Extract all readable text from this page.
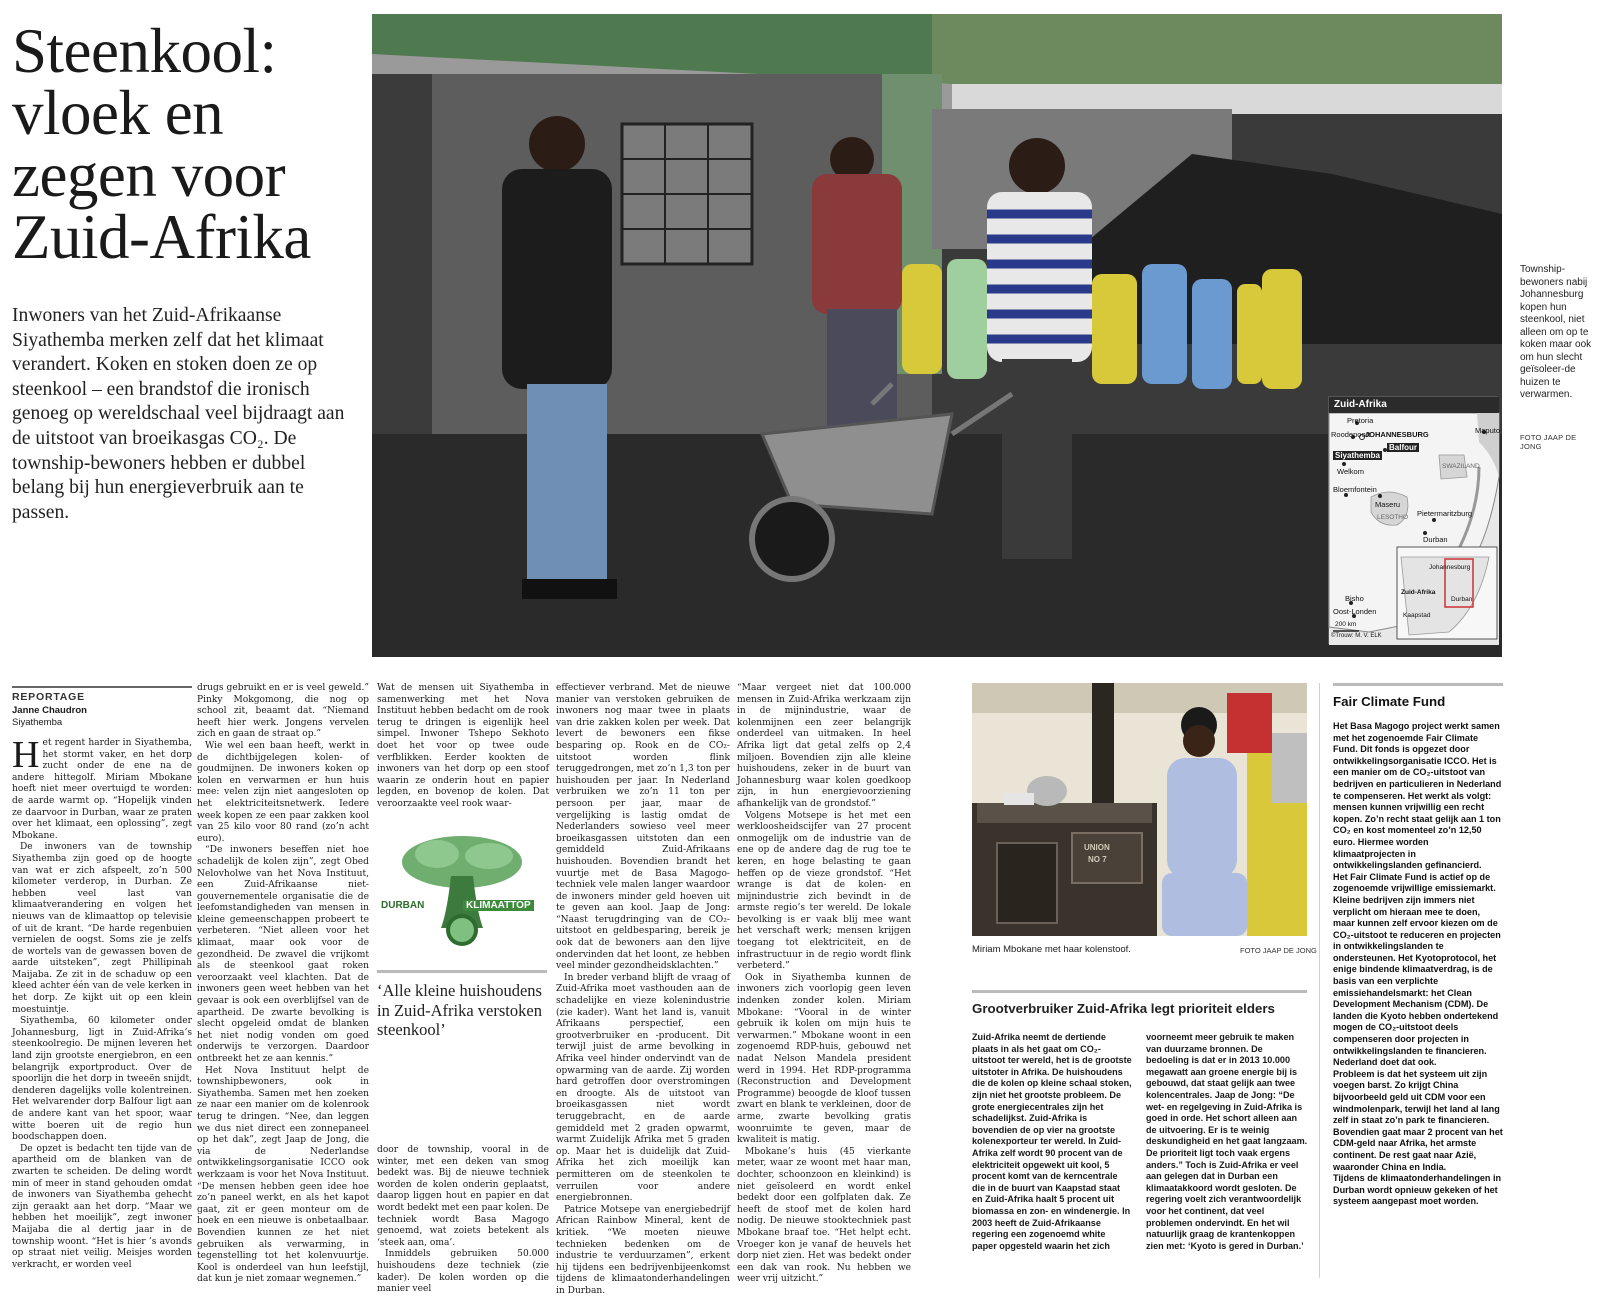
Steenkool: vloek en zegen voor Zuid-Afrika

Inwoners van het Zuid-Afrikaanse Siyathemba merken zelf dat het klimaat verandert. Koken en stoken doen ze op steenkool – een brandstof die ironisch genoeg op wereldschaal veel bijdraagt aan de uitstoot van broeikasgas CO₂. De township-bewoners hebben er dubbel belang bij hun energieverbruik aan te passen.

Zuid-Afrika
Pretoria
Roodepoort
JOHANNESBURG	Maputo
Balfour
Siyathemba
SWAZILAND
Welkom
Bloemfontein
Maseru
LESOTHO Pietermaritzburg
Durban
Bisho
Oost-Londen
200 km
©Trouw: M. V. ELK
Johannesburg
Zuid-Afrika
Durban
Kaapstad
Township-bewoners nabij Johannesburg kopen hun steenkool, niet alleen om op te koken maar ook om hun slecht geïsoleer-de huizen te verwarmen.
FOTO JAAP DE JONG
REPORTAGE
Janne Chaudron
Siyathemba

Het regent harder in Siyathemba, het stormt vaker, en het dorp zucht onder de ene na de andere hittegolf. Miriam Mbokane hoeft niet meer overtuigd te worden: de aarde warmt op. “Hopelijk vinden ze daarvoor in Durban, waar ze praten over het klimaat, een oplossing”, zegt Mbokane.

De inwoners van de township Siyathemba zijn goed op de hoogte van wat er zich afspeelt, zo’n 500 kilometer verderop, in Durban. Ze hebben veel last van klimaatverandering en volgen het nieuws van de klimaattop op televisie of uit de krant. “De harde regenbuien vernielen de oogst. Soms zie je zelfs de wortels van de gewassen boven de aarde uitsteken”, zegt Phillipinah Maijaba. Ze zit in de schaduw op een kleed achter één van de vele kerken in het dorp. Ze kijkt uit op een klein moestuintje.

Siyathemba, 60 kilometer onder Johannesburg, ligt in Zuid-Afrika’s steenkoolregio. De mijnen leveren het land zijn grootste energiebron, en een belangrijk exportproduct. Over de spoorlijn die het dorp in tweeën snijdt, denderen dagelijks volle kolentreinen. Het welvarender dorp Balfour ligt aan de andere kant van het spoor, waar witte boeren uit de regio hun boodschappen doen.

De opzet is bedacht ten tijde van de apartheid om de blanken van de zwarten te scheiden. De deling wordt min of meer in stand gehouden omdat de inwoners van Siyathemba gehecht zijn geraakt aan het dorp. “Maar we hebben het moeilijk”, zegt inwoner Maijaba die al dertig jaar in de township woont. “Het is hier ’s avonds op straat niet veilig. Meisjes worden verkracht, er worden veel

drugs gebruikt en er is veel geweld.” Pinky Mokgomong, die nog op school zit, beaamt dat. “Niemand heeft hier werk. Jongens vervelen zich en gaan de straat op.”

Wie wel een baan heeft, werkt in de dichtbijgelegen kolen- of goudmijnen. De inwoners koken op kolen en verwarmen er hun huis mee: velen zijn niet aangesloten op het elektriciteitsnetwerk. Iedere week kopen ze een paar zakken kool van 25 kilo voor 80 rand (zo’n acht euro).

“De inwoners beseffen niet hoe schadelijk de kolen zijn”, zegt Obed Nelovholwe van het Nova Instituut, een Zuid-Afrikaanse niet-gouvernementele organisatie die de leefomstandigheden van mensen in kleine gemeenschappen probeert te verbeteren. “Niet alleen voor het klimaat, maar ook voor de gezondheid. De zwavel die vrijkomt als de steenkool gaat roken veroorzaakt veel klachten. Dat de inwoners geen weet hebben van het gevaar is ook een overblijfsel van de apartheid. De zwarte bevolking is slecht opgeleid omdat de blanken het niet nodig vonden om goed onderwijs te verzorgen. Daardoor ontbreekt het ze aan kennis.”

Het Nova Instituut helpt de townshipbewoners, ook in Siyathemba. Samen met hen zoeken ze naar een manier om de kolenrook terug te dringen. “Nee, dan leggen we dus niet direct een zonnepaneel op het dak”, zegt Jaap de Jong, die via de Nederlandse ontwikkelingsorganisatie ICCO ook werkzaam is voor het Nova Instituut. “De mensen hebben geen idee hoe zo’n paneel werkt, en als het kapot gaat, zit er geen monteur om de hoek en een nieuwe is onbetaalbaar. Bovendien kunnen ze het niet gebruiken als verwarming, in tegenstelling tot het kolenvuurtje. Kool is onderdeel van hun leefstijl, dat kun je niet zomaar wegnemen.”

Wat de mensen uit Siyathemba in samenwerking met het Nova Instituut hebben bedacht om de rook terug te dringen is eigenlijk heel simpel. Inwoner Tshepo Sekhoto doet het voor op twee oude verfblikken. Eerder kookten de inwoners van het dorp op een stoof waarin ze onderin hout en papier legden, en bovenop de kolen. Dat veroorzaakte veel rook waar-

DURBAN	KLIMAATTOP
‘Alle kleine huishoudens in Zuid-Afrika verstoken steenkool’

door de township, vooral in de winter, met een deken van smog bedekt was. Bij de nieuwe techniek worden de kolen onderin geplaatst, daarop liggen hout en papier en dat wordt bedekt met een paar kolen. De techniek wordt Basa Magogo genoemd, wat zoiets betekent als ‘steek aan, oma’.

Inmiddels gebruiken 50.000 huishoudens deze techniek (zie kader). De kolen worden op die manier veel

effectiever verbrand. Met de nieuwe manier van verstoken gebruiken de inwoners nog maar twee in plaats van drie zakken kolen per week. Dat levert de bewoners een fikse besparing op. Rook en de CO₂-uitstoot worden flink teruggedrongen, met zo’n 1,3 ton per huishouden per jaar. In Nederland verbruiken we zo’n 11 ton per persoon per jaar, maar de vergelijking is lastig omdat de Nederlanders sowieso veel meer broeikasgassen uitstoten dan een gemiddeld Zuid-Afrikaans huishouden. Bovendien brandt het vuurtje met de Basa Magogo-techniek vele malen langer waardoor de inwoners minder geld hoeven uit te geven aan kool. Jaap de Jong: “Naast terugdringing van de CO₂-uitstoot en geldbesparing, bereik je ook dat de bewoners aan den lijve ondervinden dat het loont, ze hebben veel minder gezondheidsklachten.”

In breder verband blijft de vraag of Zuid-Afrika moet vasthouden aan de schadelijke en vieze kolenindustrie (zie kader). Want het land is, vanuit Afrikaans perspectief, een grootverbruiker en -producent. Dit terwijl juist de arme bevolking in Afrika veel hinder ondervindt van de opwarming van de aarde. Zij worden hard getroffen door overstromingen en droogte. Als de uitstoot van broeikasgassen niet wordt teruggebracht, en de aarde gemiddeld met 2 graden opwarmt, warmt Zuidelijk Afrika met 5 graden op. Maar het is duidelijk dat Zuid-Afrika het zich moeilijk kan permitteren om de steenkolen te verruilen voor andere energiebronnen.

Patrice Motsepe van energiebedrijf African Rainbow Mineral, kent de kritiek. “We moeten nieuwe technieken bedenken om de industrie te verduurzamen”, erkent hij tijdens een bedrijvenbijeenkomst tijdens de klimaatonderhandelingen in Durban.

“Maar vergeet niet dat 100.000 mensen in Zuid-Afrika werkzaam zijn in de mijnindustrie, waar de kolenmijnen een zeer belangrijk onderdeel van uitmaken. In heel Afrika ligt dat getal zelfs op 2,4 miljoen. Bovendien zijn alle kleine huishoudens, zeker in de buurt van Johannesburg waar kolen goedkoop zijn, in hun energievoorziening afhankelijk van de grondstof.”

Volgens Motsepe is het met een werkloosheidscijfer van 27 procent onmogelijk om de industrie van de ene op de andere dag de rug toe te keren, en hoge belasting te gaan heffen op de vieze grondstof. “Het wrange is dat de kolen- en mijnindustrie zich bevindt in de armste regio’s ter wereld. De lokale bevolking is er vaak blij mee want het verschaft werk; mensen krijgen toegang tot elektriciteit, en de infrastructuur in de regio wordt flink verbeterd.”

Ook in Siyathemba kunnen de inwoners zich voorlopig geen leven indenken zonder kolen. Miriam Mbokane: “Vooral in de winter gebruik ik kolen om mijn huis te verwarmen.” Mbokane woont in een zogenoemd RDP-huis, gebouwd net nadat Nelson Mandela president werd in 1994. Het RDP-programma (Reconstruction and Development Programme) beoogde de kloof tussen zwart en blank te verkleinen, door de arme, zwarte bevolking gratis woonruimte te geven, maar de kwaliteit is matig.

Mbokane’s huis (45 vierkante meter, waar ze woont met haar man, dochter, schoonzoon en kleinkind) is niet geïsoleerd en wordt enkel bedekt door een golfplaten dak. Ze heeft de stoof met de kolen hard nodig. De nieuwe stooktechniek past Mbokane braaf toe. “Het helpt echt. Vroeger kon je vanaf de heuvels het dorp niet zien. Het was bedekt onder een dak van rook. Nu hebben we weer vrij uitzicht.”

UNION
NO 7
Miriam Mbokane met haar kolenstoof.	FOTO JAAP DE JONG
Grootverbruiker Zuid-Afrika legt prioriteit elders
Zuid-Afrika neemt de dertiende plaats in als het gaat om CO₂-uitstoot ter wereld, het is de grootste uitstoter in Afrika. De huishoudens die de kolen op kleine schaal stoken, zijn niet het grootste probleem. De grote energiecentrales zijn het schadelijkst. Zuid-Afrika is bovendien de op vier na grootste kolenexporteur ter wereld. In Zuid-Afrika zelf wordt 90 procent van de elektriciteit opgewekt uit kool, 5 procent komt van de kerncentrale die in de buurt van Kaapstad staat en Zuid-Afrika haalt 5 procent uit biomassa en zon- en windenergie. In 2003 heeft de Zuid-Afrikaanse regering een zogenoemd white paper opgesteld waarin het zich
voorneemt meer gebruik te maken van duurzame bronnen. De bedoeling is dat er in 2013 10.000 megawatt aan groene energie bij is gebouwd, dat staat gelijk aan twee kolencentrales. Jaap de Jong: “De wet- en regelgeving in Zuid-Afrika is goed in orde. Het schort alleen aan de uitvoering. Er is te weinig deskundigheid en het gaat langzaam. De prioriteit ligt toch vaak ergens anders.” Toch is Zuid-Afrika er veel aan gelegen dat in Durban een klimaatakkoord wordt gesloten. De regering voelt zich verantwoordelijk voor het continent, dat veel problemen ondervindt. En het wil natuurlijk graag de krantenkoppen zien met: ‘Kyoto is gered in Durban.’
Fair Climate Fund

Het Basa Magogo project werkt samen met het zogenoemde Fair Climate Fund. Dit fonds is opgezet door ontwikkelingsorganisatie ICCO. Het is een manier om de CO₂-uitstoot van bedrijven en particulieren in Nederland te compenseren. Het werkt als volgt: mensen kunnen vrijwillig een recht kopen. Zo’n recht staat gelijk aan 1 ton CO₂ en kost momenteel zo’n 12,50 euro. Hiermee worden klimaatprojecten in ontwikkelingslanden gefinancierd.

Het Fair Climate Fund is actief op de zogenoemde vrijwillige emissiemarkt. Kleine bedrijven zijn immers niet verplicht om hieraan mee te doen, maar kunnen zelf ervoor kiezen om de CO₂-uitstoot te reduceren en projecten in ontwikkelingslanden te ondersteunen. Het Kyotoprotocol, het enige bindende klimaatverdrag, is de basis van een verplichte emissiehandelsmarkt: het Clean Development Mechanism (CDM). De landen die Kyoto hebben ondertekend mogen de CO₂-uitstoot deels compenseren door projecten in ontwikkelingslanden te financieren. Nederland doet dat ook.

Probleem is dat het systeem uit zijn voegen barst. Zo krijgt China bijvoorbeeld geld uit CDM voor een windmolenpark, terwijl het land al lang zelf in staat zo’n park te financieren. Bovendien gaat maar 2 procent van het CDM-geld naar Afrika, het armste continent. De rest gaat naar Azië, waaronder China en India.

Tijdens de klimaatonderhandelingen in Durban wordt opnieuw gekeken of het systeem aangepast moet worden.
